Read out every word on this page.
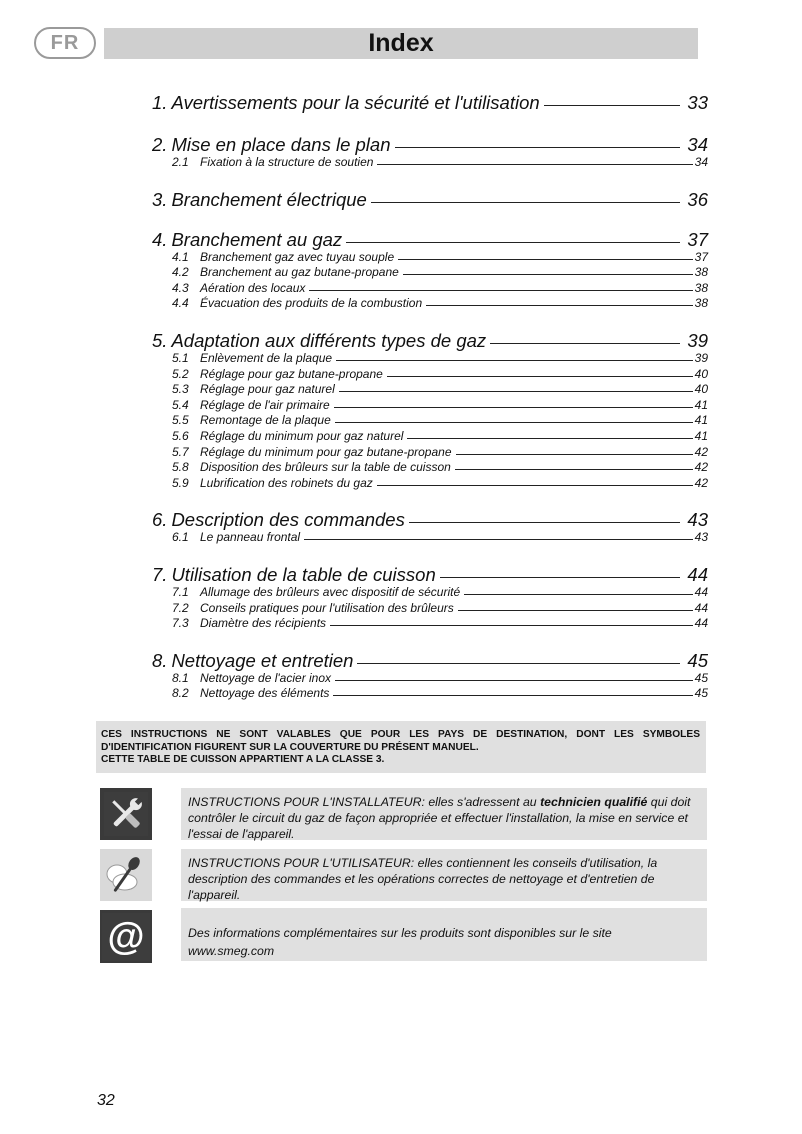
FR	Index
1. Avertissements pour la sécurité et l'utilisation	33
2. Mise en place dans le plan	34
2.1 Fixation à la structure de soutien	34
3. Branchement électrique	36
4. Branchement au gaz	37
4.1 Branchement gaz avec tuyau souple	37
4.2 Branchement au gaz butane-propane	38
4.3 Aération des locaux	38
4.4 Évacuation des produits de la combustion	38
5. Adaptation aux différents types de gaz	39
5.1 Enlèvement de la plaque	39
5.2 Réglage pour gaz butane-propane	40
5.3 Réglage pour gaz naturel	40
5.4 Réglage de l'air primaire	41
5.5 Remontage de la plaque	41
5.6 Réglage du minimum pour gaz naturel	41
5.7 Réglage du minimum pour gaz butane-propane	42
5.8 Disposition des brûleurs sur la table de cuisson	42
5.9 Lubrification des robinets du gaz	42
6. Description des commandes	43
6.1 Le panneau frontal	43
7. Utilisation de la table de cuisson	44
7.1 Allumage des brûleurs avec dispositif de sécurité	44
7.2 Conseils pratiques pour l'utilisation des brûleurs	44
7.3 Diamètre des récipients	44
8. Nettoyage et entretien	45
8.1 Nettoyage de l'acier inox	45
8.2 Nettoyage des éléments	45
CES INSTRUCTIONS NE SONT VALABLES QUE POUR LES PAYS DE DESTINATION, DONT LES SYMBOLES D'IDENTIFICATION FIGURENT SUR LA COUVERTURE DU PRÉSENT MANUEL.
CETTE TABLE DE CUISSON APPARTIENT A LA CLASSE 3.
INSTRUCTIONS POUR L'INSTALLATEUR: elles s'adressent au technicien qualifié qui doit contrôler le circuit du gaz de façon appropriée et effectuer l'installation, la mise en service et l'essai de l'appareil.
INSTRUCTIONS POUR L'UTILISATEUR: elles contiennent les conseils d'utilisation, la description des commandes et les opérations correctes de nettoyage et d'entretien de l'appareil.
@	Des informations complémentaires sur les produits sont disponibles sur le site
www.smeg.com
32
